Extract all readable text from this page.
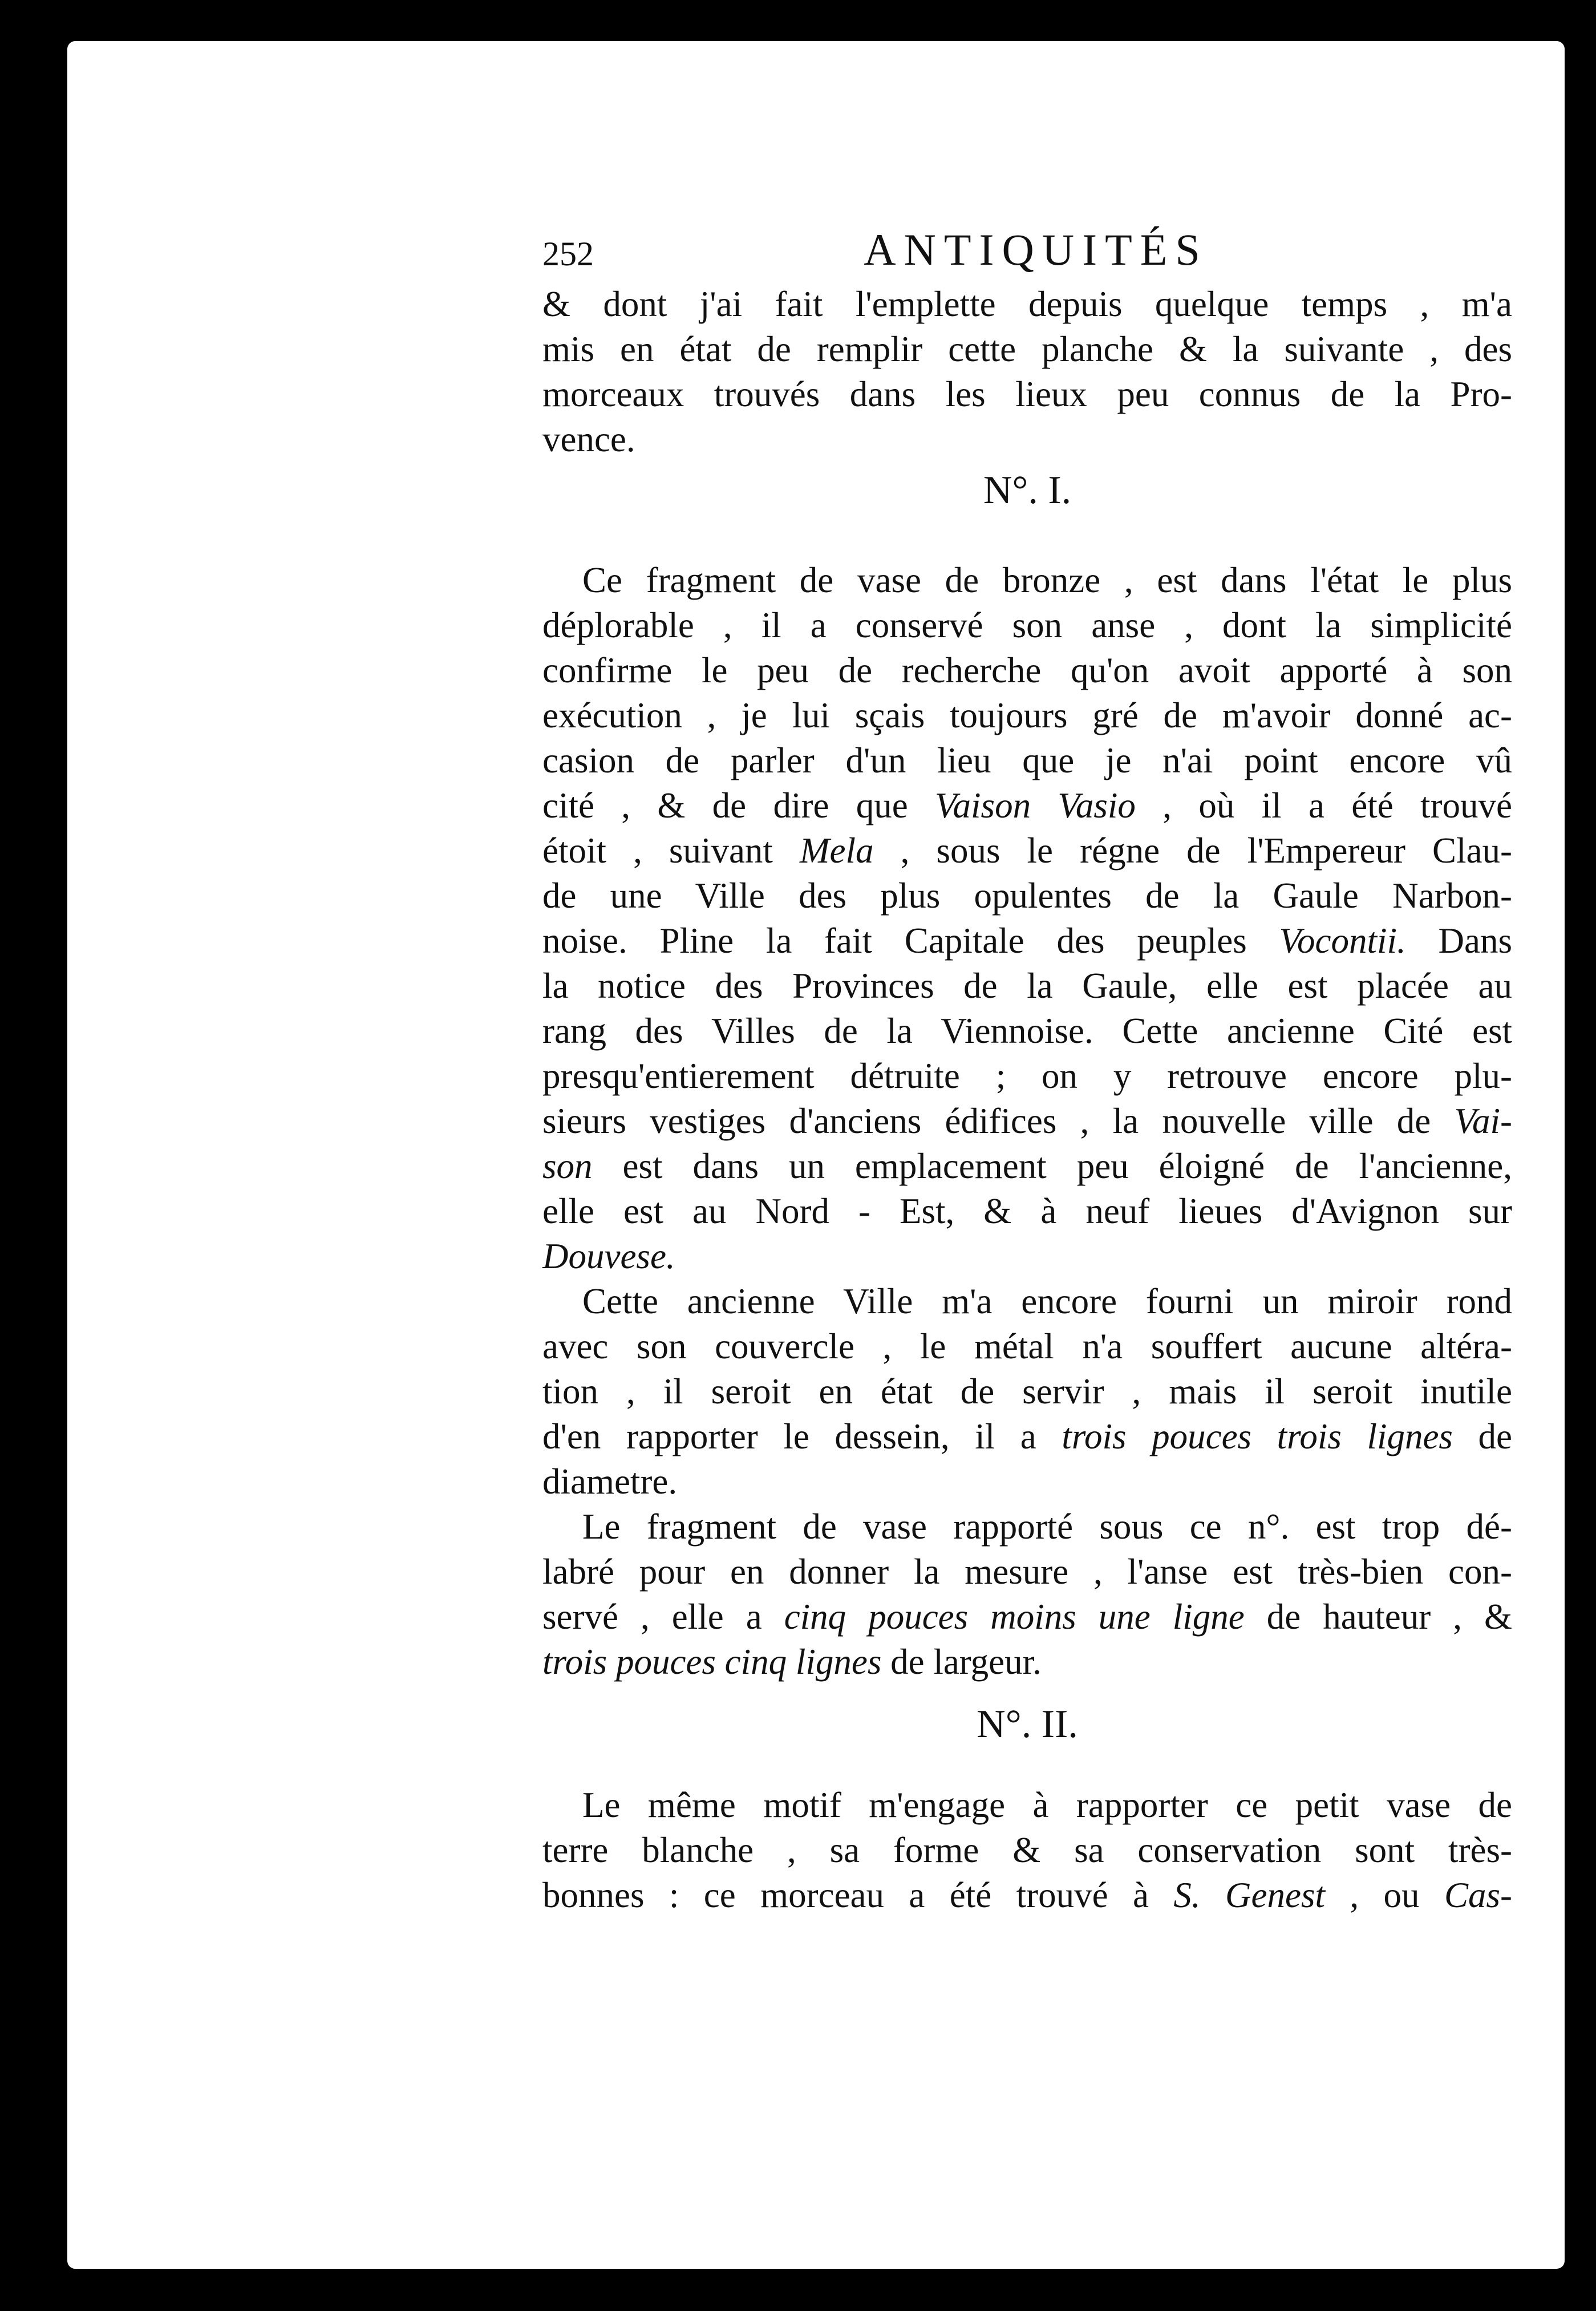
252	ANTIQUITÉS
& dont j'ai fait l'emplette depuis quelque temps , m'a
mis en état de remplir cette planche & la suivante , des
morceaux trouvés dans les lieux peu connus de la Pro-
vence.
N°. I.
Ce fragment de vase de bronze , est dans l'état le plus
déplorable , il a conservé son anse , dont la simplicité
confirme le peu de recherche qu'on avoit apporté à son
exécution , je lui sçais toujours gré de m'avoir donné ac-
casion de parler d'un lieu que je n'ai point encore vû
cité , & de dire que Vaison Vasio , où il a été trouvé
étoit , suivant Mela , sous le régne de l'Empereur Clau-
de une Ville des plus opulentes de la Gaule Narbon-
noise. Pline la fait Capitale des peuples Vocontii. Dans
la notice des Provinces de la Gaule, elle est placée au
rang des Villes de la Viennoise. Cette ancienne Cité est
presqu'entierement détruite ; on y retrouve encore plu-
sieurs vestiges d'anciens édifices , la nouvelle ville de Vai-
son est dans un emplacement peu éloigné de l'ancienne,
elle est au Nord - Est, & à neuf lieues d'Avignon sur
Douvese.
Cette ancienne Ville m'a encore fourni un miroir rond
avec son couvercle , le métal n'a souffert aucune altéra-
tion , il seroit en état de servir , mais il seroit inutile
d'en rapporter le dessein, il a trois pouces trois lignes de
diametre.
Le fragment de vase rapporté sous ce n°. est trop dé-
labré pour en donner la mesure , l'anse est très-bien con-
servé , elle a cinq pouces moins une ligne de hauteur , &
trois pouces cinq lignes de largeur.
N°. II.
Le même motif m'engage à rapporter ce petit vase de
terre blanche , sa forme & sa conservation sont très-
bonnes : ce morceau a été trouvé à S. Genest , ou Cas-
